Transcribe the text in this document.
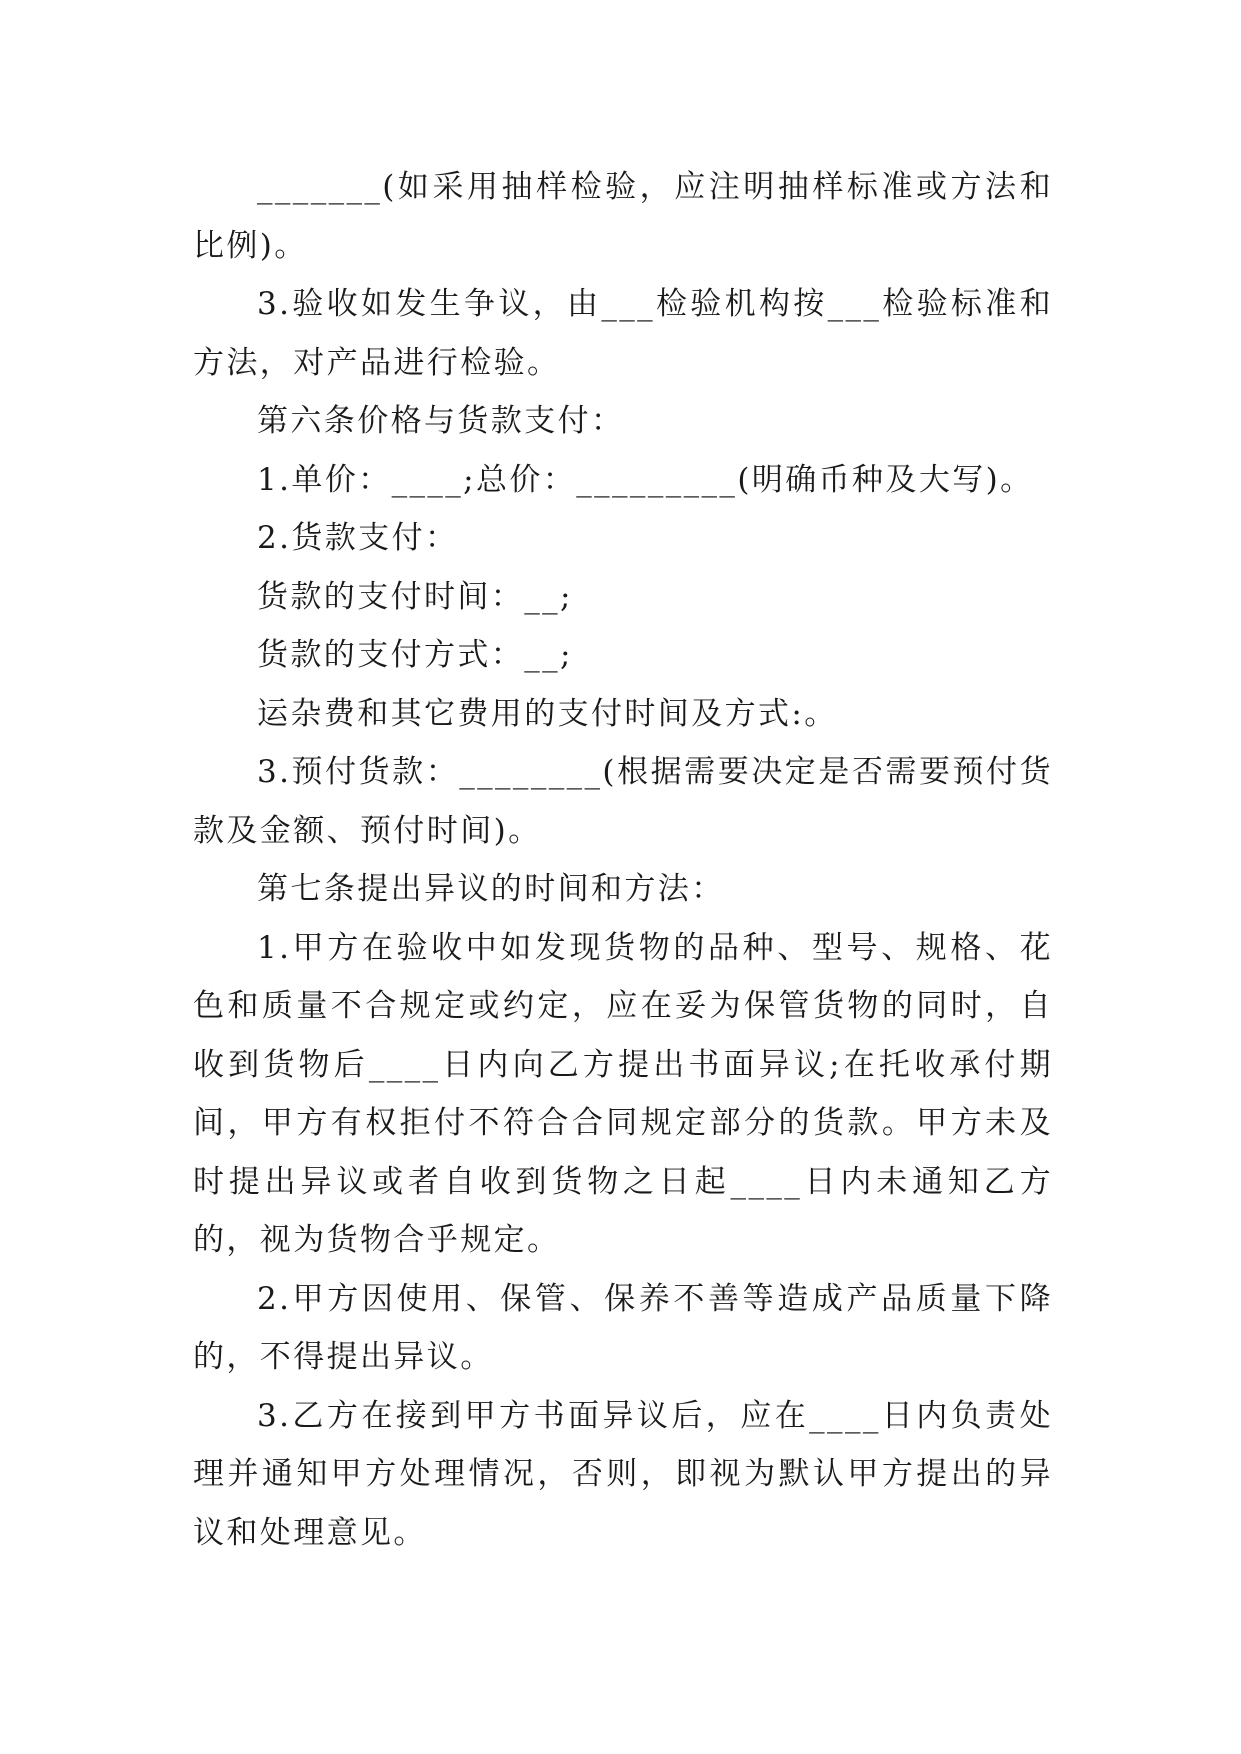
_______(如采用抽样检验，应注明抽样标准或方法和比例)。

3.验收如发生争议，由___检验机构按___检验标准和方法，对产品进行检验。

第六条价格与货款支付：

1.单价：____;总价：_________(明确币种及大写)。

2.货款支付：

货款的支付时间：__;

货款的支付方式：__;

运杂费和其它费用的支付时间及方式:。

3.预付货款：________(根据需要决定是否需要预付货款及金额、预付时间)。

第七条提出异议的时间和方法：

1.甲方在验收中如发现货物的品种、型号、规格、花色和质量不合规定或约定，应在妥为保管货物的同时，自收到货物后____日内向乙方提出书面异议;在托收承付期间，甲方有权拒付不符合合同规定部分的货款。甲方未及时提出异议或者自收到货物之日起____日内未通知乙方的，视为货物合乎规定。

2.甲方因使用、保管、保养不善等造成产品质量下降的，不得提出异议。

3.乙方在接到甲方书面异议后，应在____日内负责处理并通知甲方处理情况，否则，即视为默认甲方提出的异议和处理意见。
